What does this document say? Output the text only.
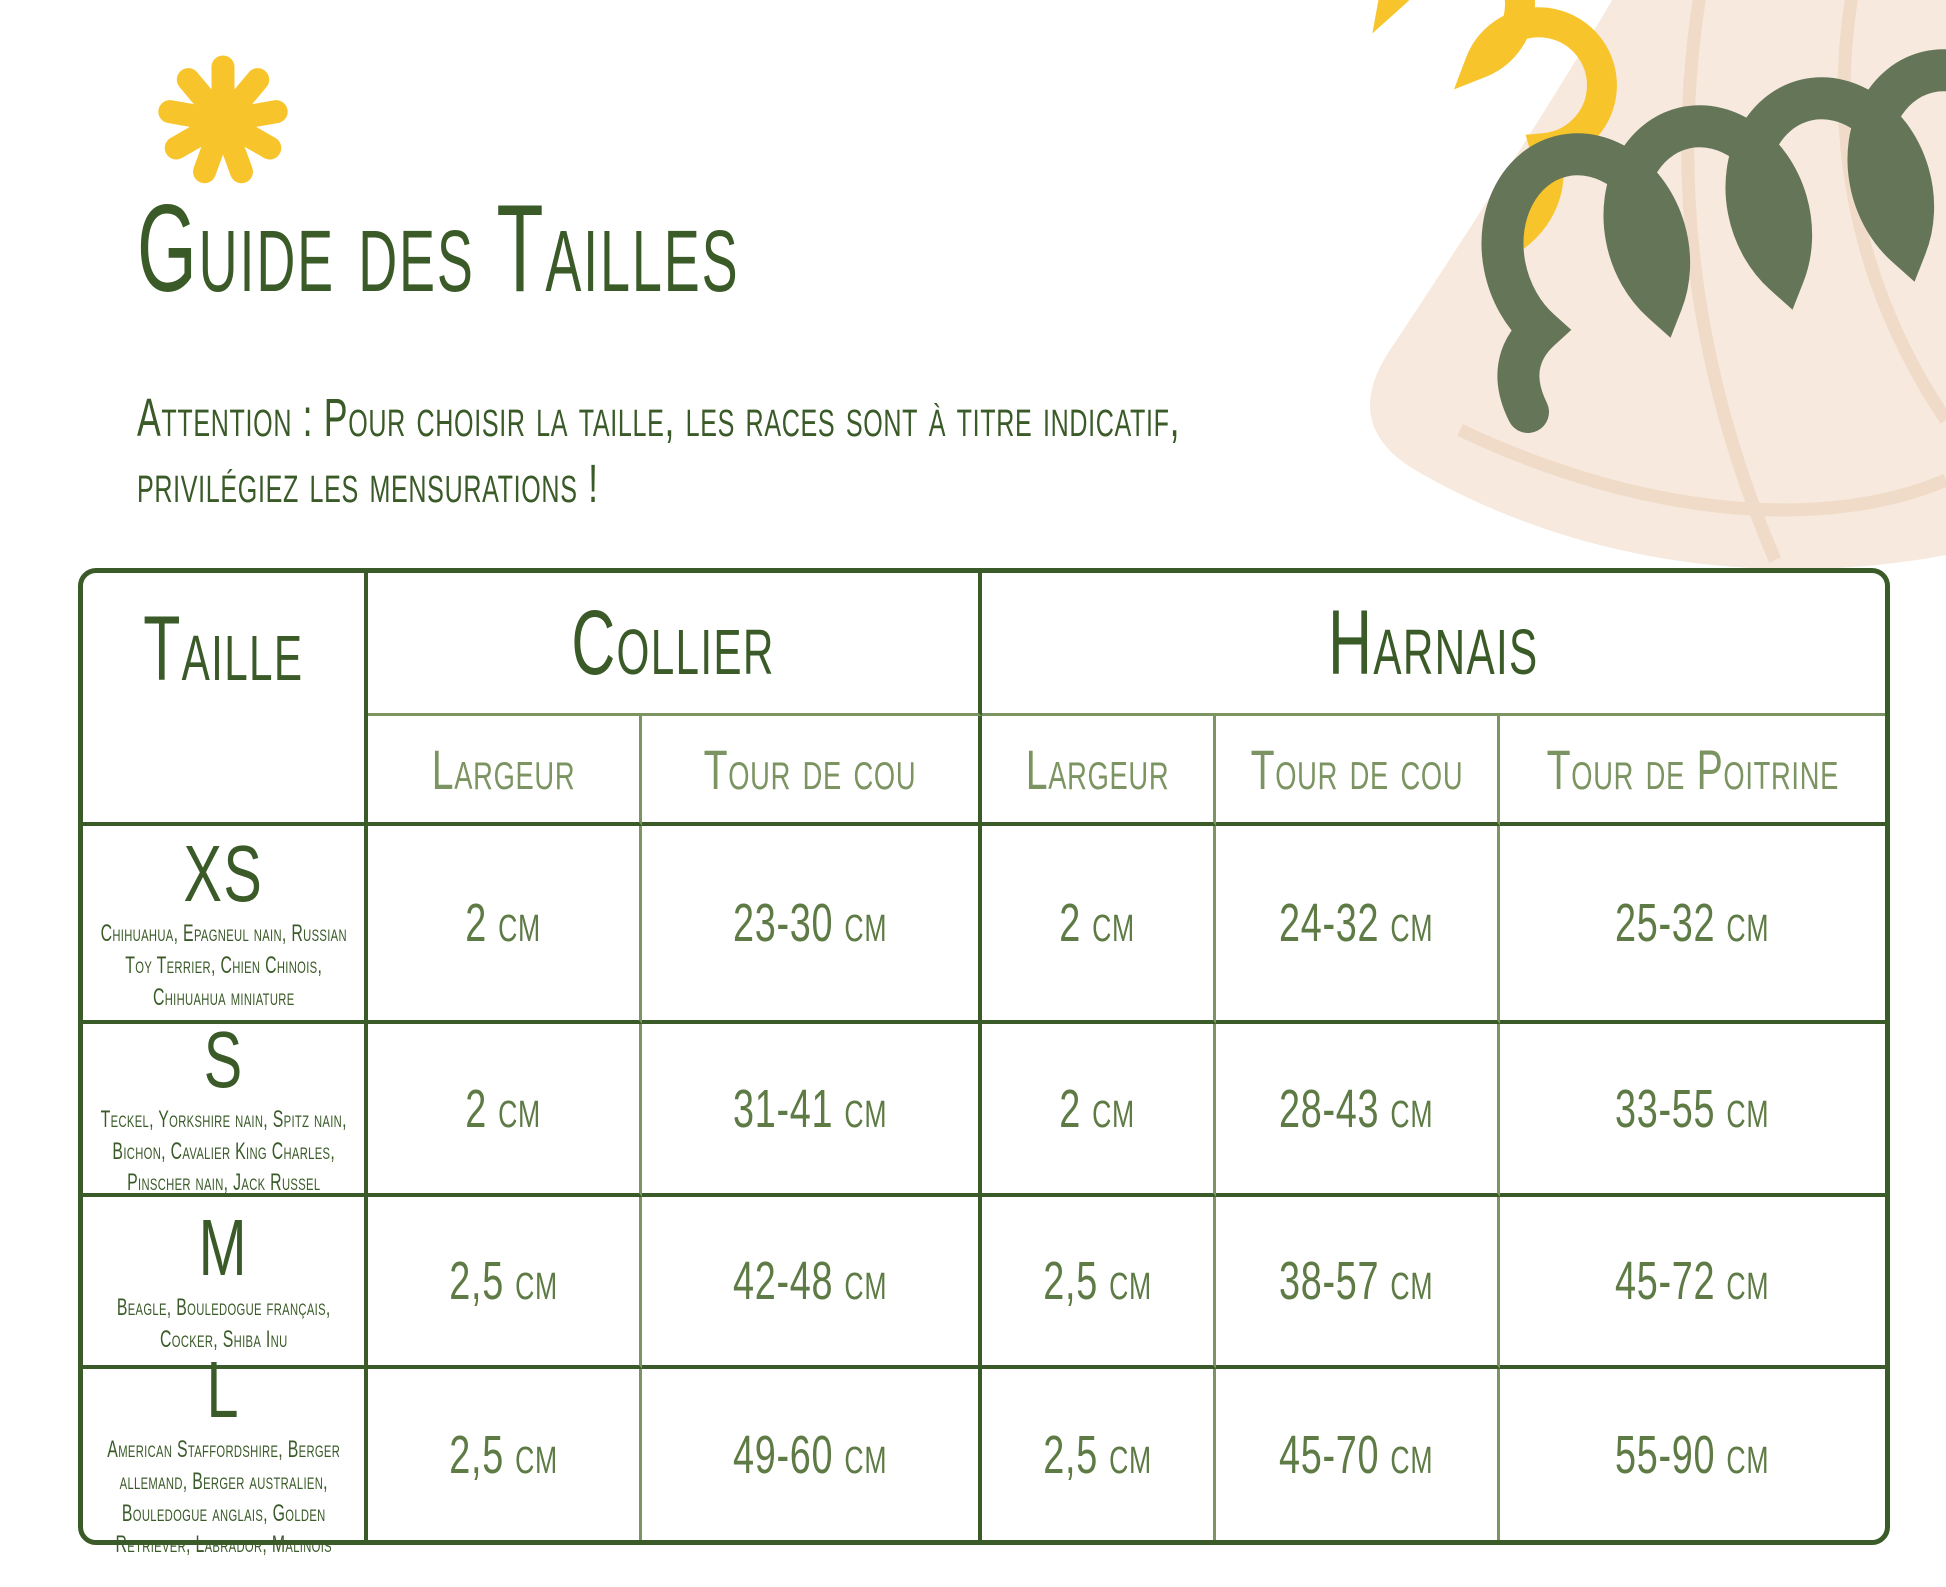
Guide des Tailles
Attention : Pour choisir la taille, les races sont à titre indicatif,
privilégiez les mensurations !
Taille	Collier	Harnais
Largeur Tour de cou Largeur Tour de cou Tour de Poitrine
XS
Chihuahua, Epagneul nain, Russian Toy Terrier, Chien Chinois, Chihuahua miniature
2 cm	23-30 cm	2 cm	24-32 cm	25-32 cm
S
Teckel, Yorkshire nain, Spitz nain, Bichon, Cavalier King Charles, Pinscher nain, Jack Russel
2 cm	31-41 cm	2 cm	28-43 cm	33-55 cm
M
Beagle, Bouledogue français, Cocker, Shiba Inu
2,5 cm	42-48 cm	2,5 cm 38-57 cm	45-72 cm
L
American Staffordshire, Berger allemand, Berger australien, Bouledogue anglais, Golden Retriever, Labrador, Malinois
2,5 cm	49-60 cm	2,5 cm 45-70 cm	55-90 cm
